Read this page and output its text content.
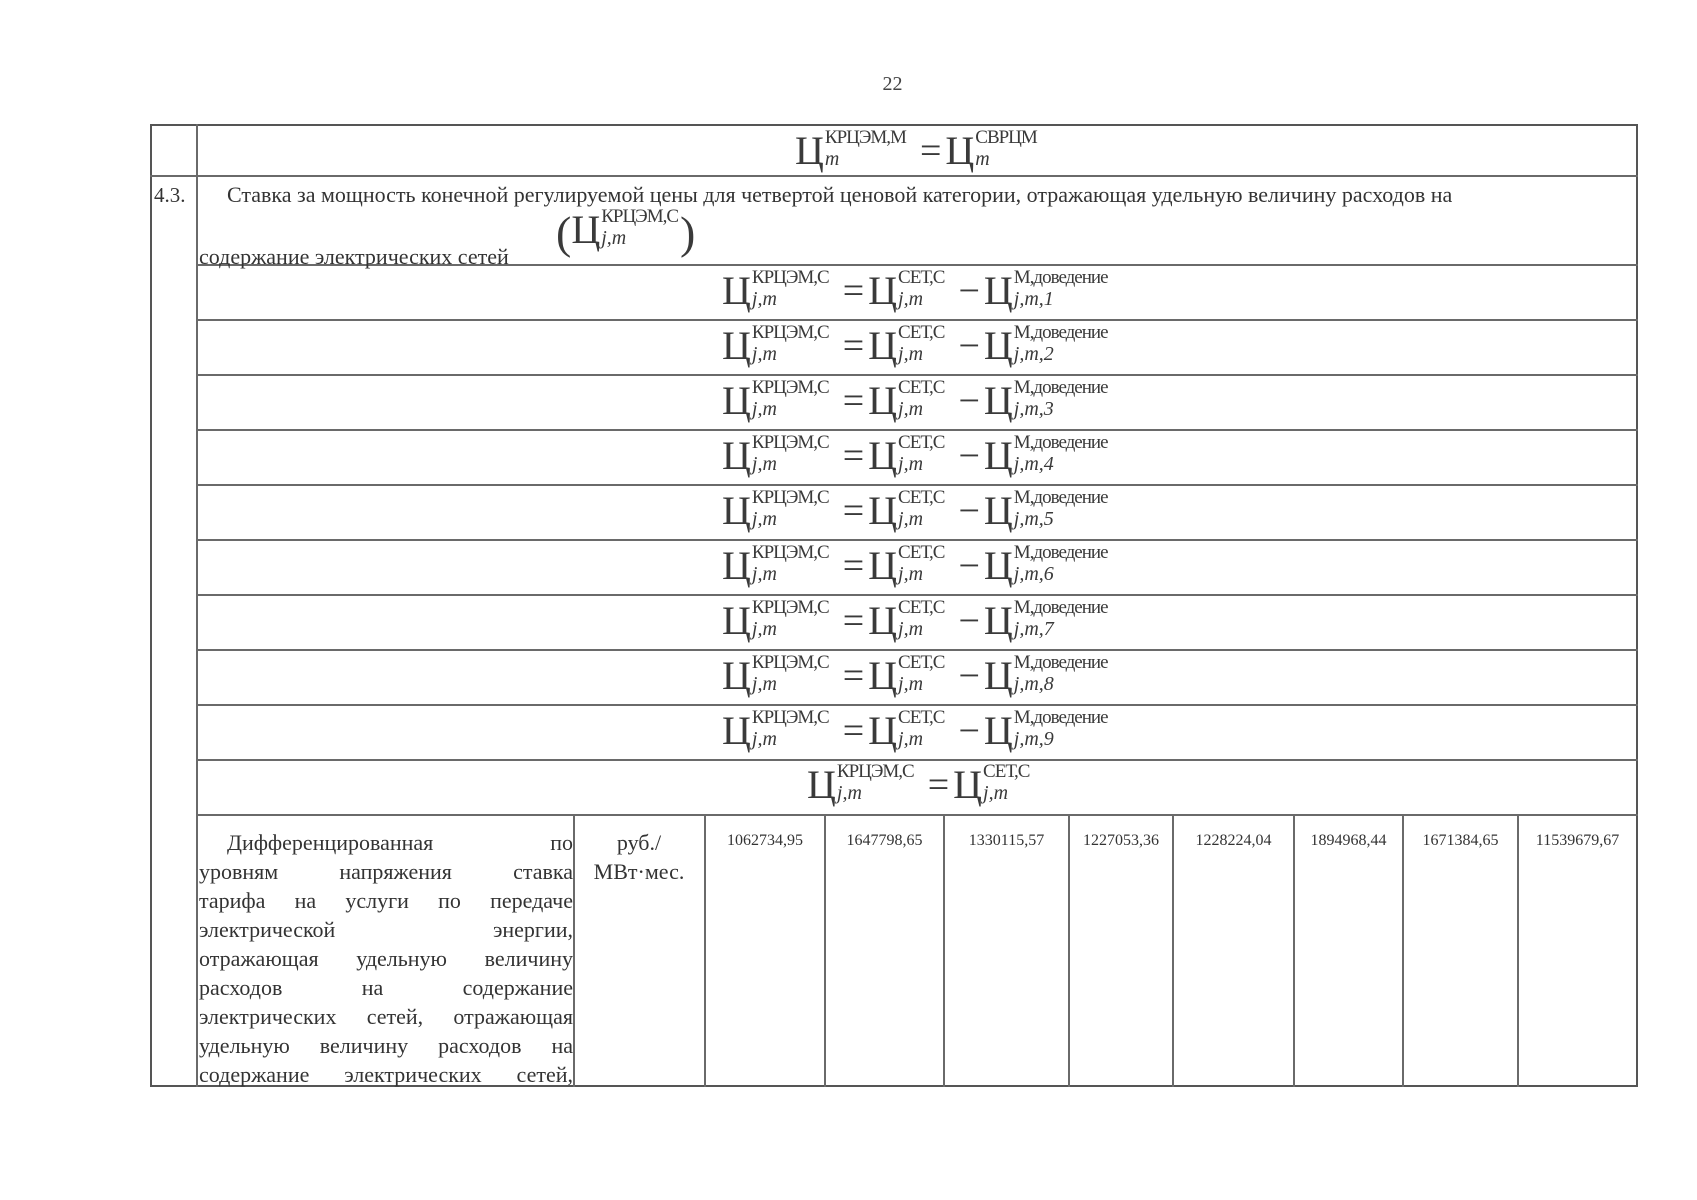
22
Ц КРЦЭМ,М
m	= Ц СВРЦМ
m
4.3.	Ставка за мощность конечной регулируемой цены для четвертой ценовой категории, отражающая удельную величину расходов на
содержание электрических сетей ( Ц КРЦЭМ,С
j,m	)
Ц КРЦЭМ,С
j,m	= Ц СЕТ,С
j,m − Ц М,доведение
j,m,1
Ц КРЦЭМ,С
j,m	= Ц СЕТ,С
j,m − Ц М,доведение
j,m,2
Ц КРЦЭМ,С
j,m	= Ц СЕТ,С
j,m − Ц М,доведение
j,m,3
Ц КРЦЭМ,С
j,m	= Ц СЕТ,С
j,m − Ц М,доведение
j,m,4
Ц КРЦЭМ,С
j,m	= Ц СЕТ,С
j,m − Ц М,доведение
j,m,5
Ц КРЦЭМ,С
j,m	= Ц СЕТ,С
j,m − Ц М,доведение
j,m,6
Ц КРЦЭМ,С
j,m	= Ц СЕТ,С
j,m − Ц М,доведение
j,m,7
Ц КРЦЭМ,С
j,m	= Ц СЕТ,С
j,m − Ц М,доведение
j,m,8
Ц КРЦЭМ,С
j,m	= Ц СЕТ,С
j,m − Ц М,доведение
j,m,9
Ц КРЦЭМ,С
j,m	= Ц СЕТ,С
j,m
Дифференцированная по
уровням напряжения ставка
тарифа на услуги по передаче
электрической энергии,
отражающая удельную величину
расходов на содержание
электрических сетей, отражающая
удельную величину расходов на
содержание электрических сетей,
руб./
МВт·мес.
1062734,95	1647798,65	1330115,57	1227053,36	1228224,04	1894968,44	1671384,65	11539679,67
